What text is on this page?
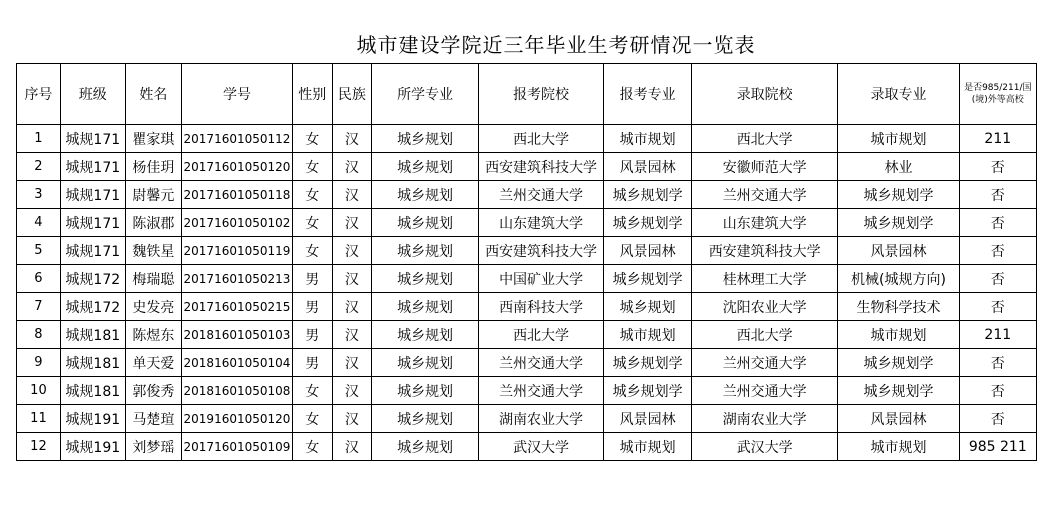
城市建设学院近三年毕业生考研情况一览表
序号	班级	姓名	学号	性别	民族	所学专业	报考院校	报考专业	录取院校	录取专业	是否985/211/国(境)外等高校
1	城规171	瞿家琪	20171601050112	女	汉	城乡规划	西北大学	城市规划	西北大学	城市规划	211
2	城规171	杨佳玥	20171601050120	女	汉	城乡规划	西安建筑科技大学	风景园林	安徽师范大学	林业	否
3	城规171	尉馨元	20171601050118	女	汉	城乡规划	兰州交通大学	城乡规划学	兰州交通大学	城乡规划学	否
4	城规171	陈淑郡	20171601050102	女	汉	城乡规划	山东建筑大学	城乡规划学	山东建筑大学	城乡规划学	否
5	城规171	魏铁星	20171601050119	女	汉	城乡规划	西安建筑科技大学	风景园林	西安建筑科技大学	风景园林	否
6	城规172	梅瑞聪	20171601050213	男	汉	城乡规划	中国矿业大学	城乡规划学	桂林理工大学	机械(城规方向)	否
7	城规172	史发亮	20171601050215	男	汉	城乡规划	西南科技大学	城乡规划	沈阳农业大学	生物科学技术	否
8	城规181	陈煜东	20181601050103	男	汉	城乡规划	西北大学	城市规划	西北大学	城市规划	211
9	城规181	单天爱	20181601050104	男	汉	城乡规划	兰州交通大学	城乡规划学	兰州交通大学	城乡规划学	否
10	城规181	郭俊秀	20181601050108	女	汉	城乡规划	兰州交通大学	城乡规划学	兰州交通大学	城乡规划学	否
11	城规191	马楚瑄	20191601050120	女	汉	城乡规划	湖南农业大学	风景园林	湖南农业大学	风景园林	否
12	城规191	刘梦瑶	20171601050109	女	汉	城乡规划	武汉大学	城市规划	武汉大学	城市规划	985 211
